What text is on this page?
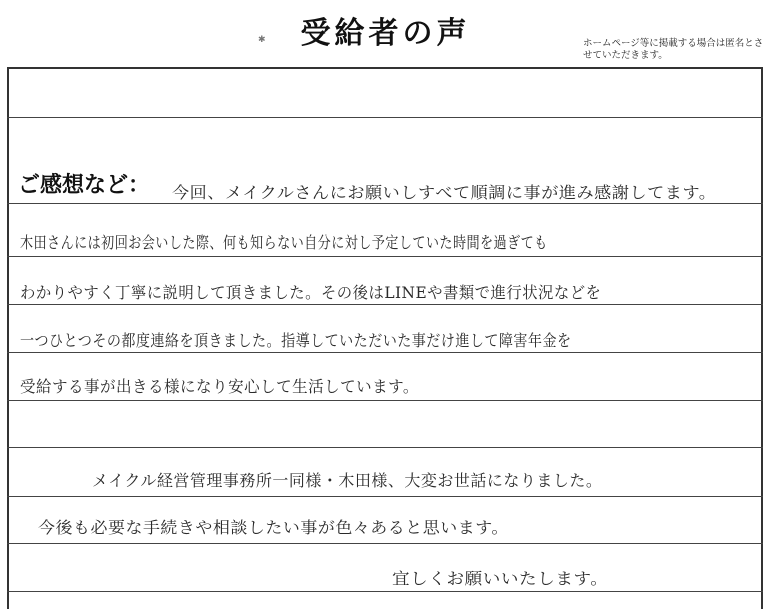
受給者の声	ホームページ等に掲載する場合は匿名とさせていただきます。
✱
ご感想など： 今回、メイクルさんにお願いしすべて順調に事が進み感謝してます。
木田さんには初回お会いした際、何も知らない自分に対し予定していた時間を過ぎても
わかりやすく丁寧に説明して頂きました。その後はLINEや書類で進行状況などを
一つひとつその都度連絡を頂きました。指導していただいた事だけ進して障害年金を
受給する事が出きる様になり安心して生活しています。
メイクル経営管理事務所一同様・木田様、大変お世話になりました。
今後も必要な手続きや相談したい事が色々あると思います。
宜しくお願いいたします。
